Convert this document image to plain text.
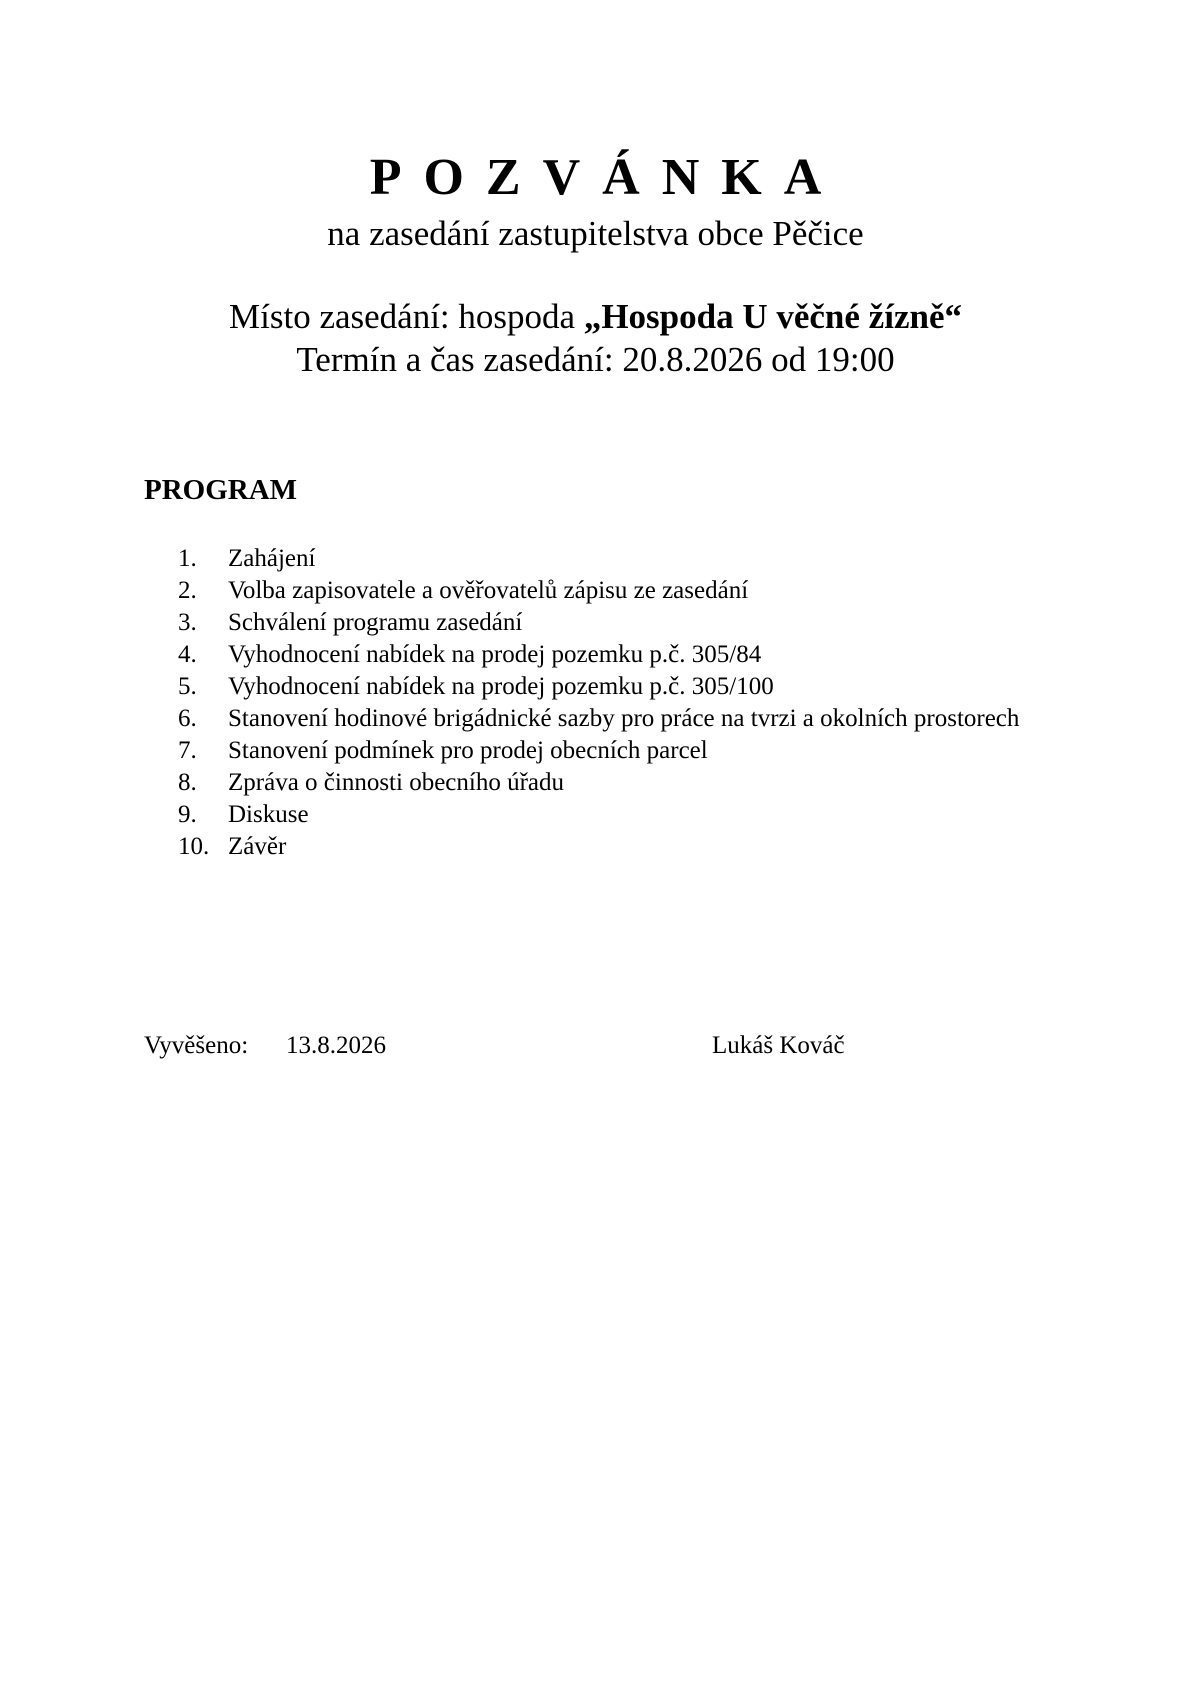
POZVÁNKA
na zasedání zastupitelstva obce Pěčice
Místo zasedání: hospoda „Hospoda U věčné žízně“
Termín a čas zasedání: 20.8.2026 od 19:00
PROGRAM
1. Zahájení
2. Volba zapisovatele a ověřovatelů zápisu ze zasedání
3. Schválení programu zasedání
4. Vyhodnocení nabídek na prodej pozemku p.č. 305/84
5. Vyhodnocení nabídek na prodej pozemku p.č. 305/100
6. Stanovení hodinové brigádnické sazby pro práce na tvrzi a okolních prostorech
7. Stanovení podmínek pro prodej obecních parcel
8. Zpráva o činnosti obecního úřadu
9. Diskuse
10. Závěr
Vyvěšeno: 13.8.2026	Lukáš Kováč
